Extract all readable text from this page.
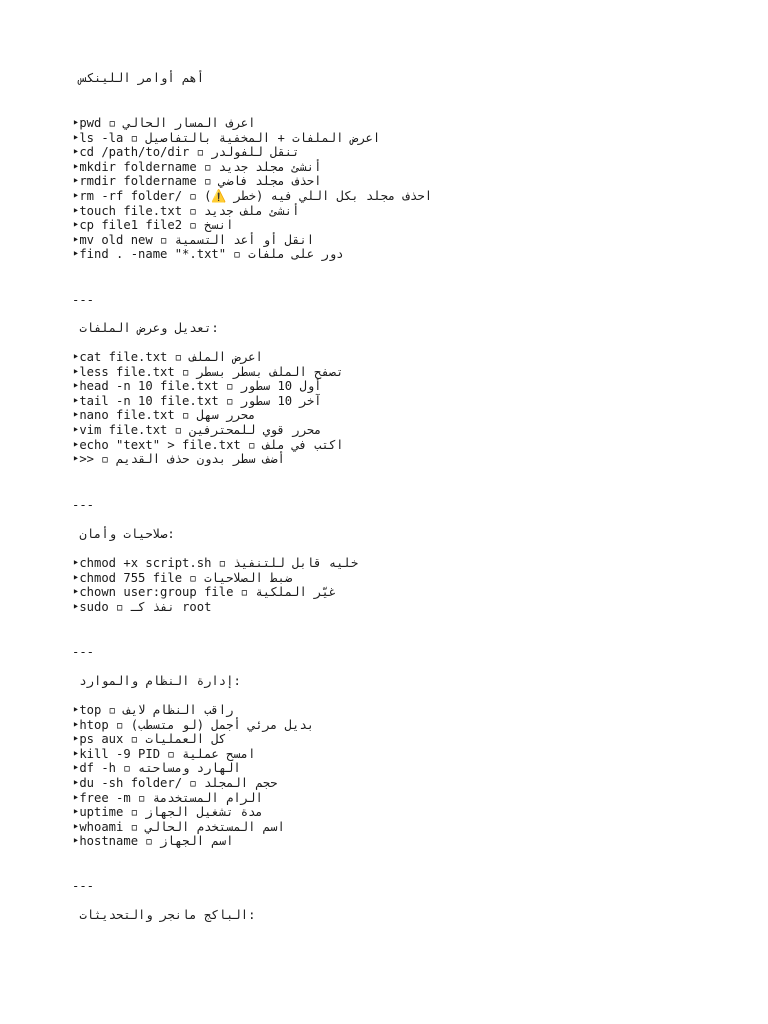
أهم أوامر اللينكس
‣pwd ◽ اعرف المسار الحالي
‣ls -la ◽ اعرض الملفات + المخفية بالتفاصيل
‣cd /path/to/dir ◽ تنقل للفولدر
‣mkdir foldername ◽ أنشئ مجلد جديد
‣rmdir foldername ◽ احذف مجلد فاضي
‣rm -rf folder/ ◽ احذف مجلد بكل اللي فيه (خطر ⚠️)
‣touch file.txt ◽ أنشئ ملف جديد
‣cp file1 file2 ◽ انسخ
‣mv old new ◽ انقل أو أعد التسمية
‣find . -name "*.txt" ◽ دور على ملفات
---
تعديل وعرض الملفات:
‣cat file.txt ◽ اعرض الملف
‣less file.txt ◽ تصفح الملف بسطر بسطر
‣head -n 10 file.txt ◽ أول 10 سطور
‣tail -n 10 file.txt ◽ آخر 10 سطور
‣nano file.txt ◽ محرر سهل
‣vim file.txt ◽ محرر قوي للمحترفين
‣echo "text" > file.txt ◽ اكتب في ملف
‣>> ◽ أضف سطر بدون حذف القديم
---
صلاحيات وأمان:
‣chmod +x script.sh ◽ خليه قابل للتنفيذ
‣chmod 755 file ◽ ضبط الصلاحيات
‣chown user:group file ◽ غيّر الملكية
‣sudo ◽ نفذ كـ root
---
إدارة النظام والموارد:
‣top ◽ راقب النظام لايف
‣htop ◽ بديل مرئي أجمل (لو متسطب)
‣ps aux ◽ كل العمليات
‣kill -9 PID ◽ امسح عملية
‣df -h ◽ الهارد ومساحته
‣du -sh folder/ ◽ حجم المجلد
‣free -m ◽ الرام المستخدمة
‣uptime ◽ مدة تشغيل الجهاز
‣whoami ◽ اسم المستخدم الحالي
‣hostname ◽ اسم الجهاز
---
الباكج مانجر والتحديثات:
